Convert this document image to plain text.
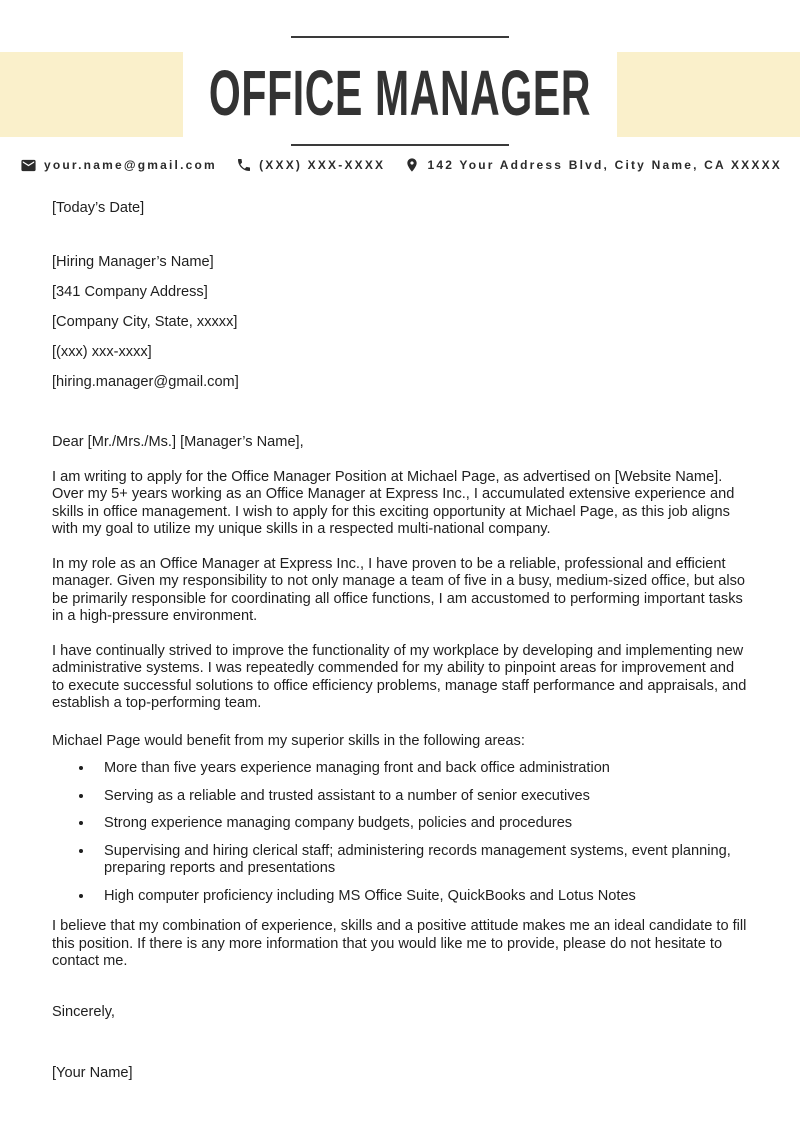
OFFICE MANAGER
your.name@gmail.com	(XXX) XXX-XXXX	142 Your Address Blvd, City Name, CA XXXXX

[Today’s Date]

[Hiring Manager’s Name]

[341 Company Address]

[Company City, State, xxxxx]

[(xxx) xxx-xxxx]

[hiring.manager@gmail.com]

Dear [Mr./Mrs./Ms.] [Manager’s Name],

I am writing to apply for the Office Manager Position at Michael Page, as advertised on [Website Name]. Over my 5+ years working as an Office Manager at Express Inc., I accumulated extensive experience and skills in office management. I wish to apply for this exciting opportunity at Michael Page, as this job aligns with my goal to utilize my unique skills in a respected multi-national company.

In my role as an Office Manager at Express Inc., I have proven to be a reliable, professional and efficient manager. Given my responsibility to not only manage a team of five in a busy, medium-sized office, but also be primarily responsible for coordinating all office functions, I am accustomed to performing important tasks in a high-pressure environment.

I have continually strived to improve the functionality of my workplace by developing and implementing new administrative systems. I was repeatedly commended for my ability to pinpoint areas for improvement and to execute successful solutions to office efficiency problems, manage staff performance and appraisals, and establish a top-performing team.

Michael Page would benefit from my superior skills in the following areas:

• More than five years experience managing front and back office administration
• Serving as a reliable and trusted assistant to a number of senior executives
• Strong experience managing company budgets, policies and procedures
• Supervising and hiring clerical staff; administering records management systems, event planning, preparing reports and presentations
• High computer proficiency including MS Office Suite, QuickBooks and Lotus Notes

I believe that my combination of experience, skills and a positive attitude makes me an ideal candidate to fill this position. If there is any more information that you would like me to provide, please do not hesitate to contact me.

Sincerely,

[Your Name]
